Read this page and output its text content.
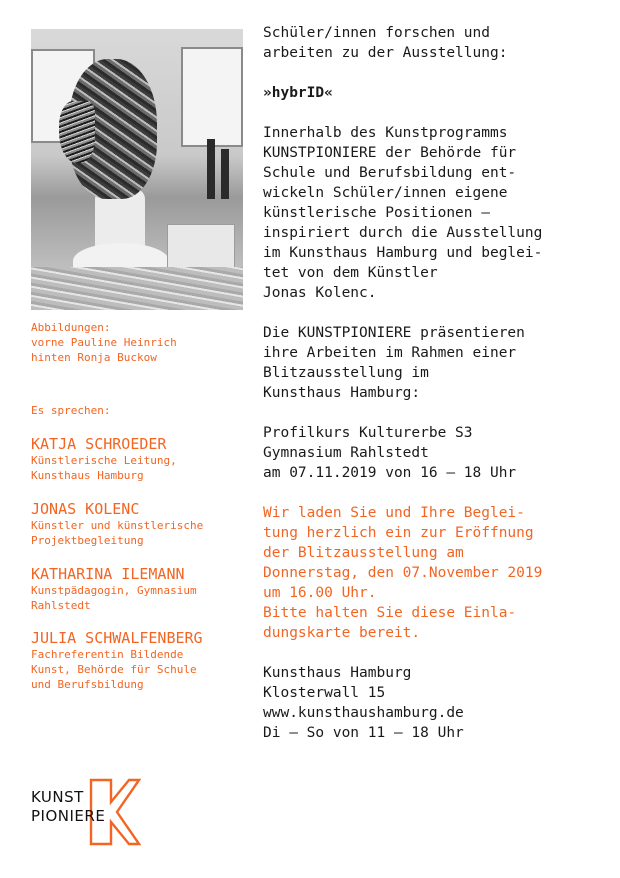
Abbildungen:
vorne Pauline Heinrich
hinten Ronja Buckow
Es sprechen:
KATJA SCHROEDER
Künstlerische Leitung,
Kunsthaus Hamburg
JONAS KOLENC
Künstler und künstlerische
Projektbegleitung
KATHARINA ILEMANN
Kunstpädagogin, Gymnasium
Rahlstedt
JULIA SCHWALFENBERG
Fachreferentin Bildende
Kunst, Behörde für Schule
und Berufsbildung
Schüler/innen forschen und
arbeiten zu der Ausstellung:
»hybrID«
Innerhalb des Kunstprogramms
KUNSTPIONIERE der Behörde für
Schule und Berufsbildung ent-
wickeln Schüler/innen eigene
künstlerische Positionen –
inspiriert durch die Ausstellung
im Kunsthaus Hamburg und beglei-
tet von dem Künstler
Jonas Kolenc.
Die KUNSTPIONIERE präsentieren
ihre Arbeiten im Rahmen einer
Blitzausstellung im
Kunsthaus Hamburg:
Profilkurs Kulturerbe S3
Gymnasium Rahlstedt
am 07.11.2019 von 16 – 18 Uhr
Wir laden Sie und Ihre Beglei-
tung herzlich ein zur Eröffnung
der Blitzausstellung am
Donnerstag, den 07.November 2019
um 16.00 Uhr.
Bitte halten Sie diese Einla-
dungskarte bereit.
Kunsthaus Hamburg
Klosterwall 15
www.kunsthaushamburg.de
Di – So von 11 – 18 Uhr
KUNST
PIONIERE
